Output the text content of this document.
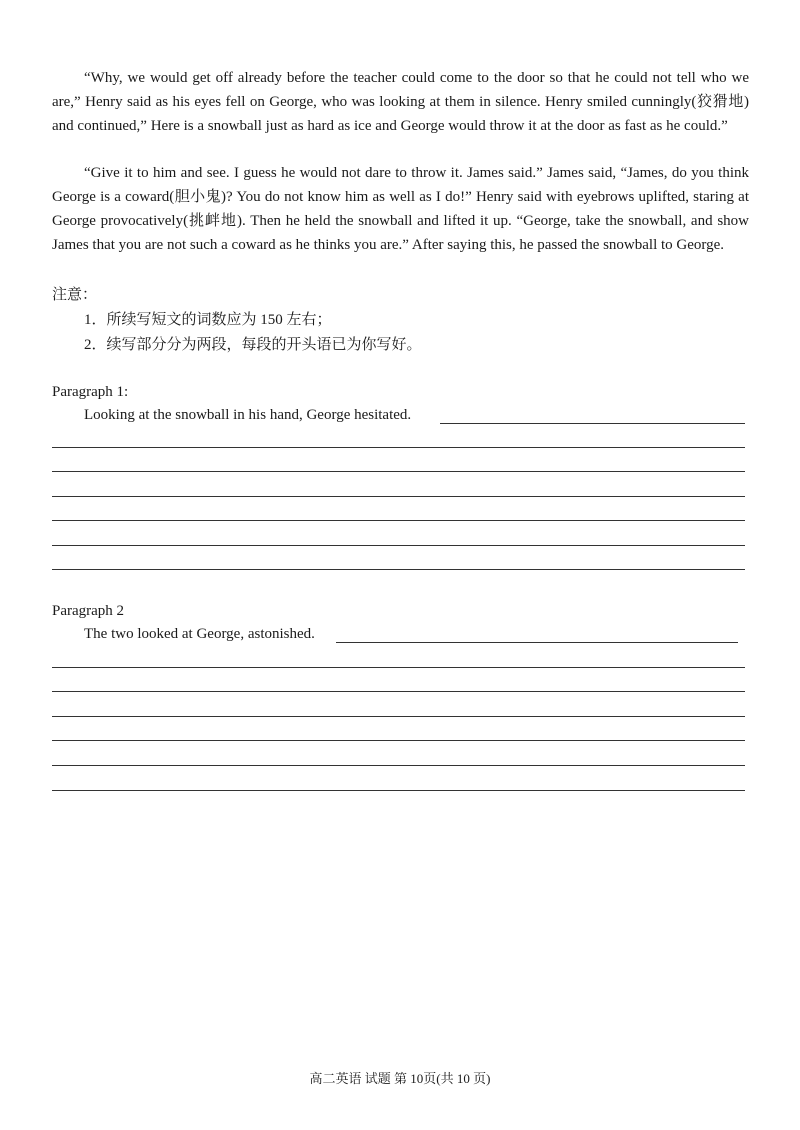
“Why, we would get off already before the teacher could come to the door so that he could not tell who we are,” Henry said as his eyes fell on George, who was looking at them in silence. Henry smiled cunningly(狡猾地) and continued,” Here is a snowball just as hard as ice and George would throw it at the door as fast as he could.”

“Give it to him and see. I guess he would not dare to throw it. James said.” James said, “James, do you think George is a coward(胆小鬼)? You do not know him as well as I do!” Henry said with eyebrows uplifted, staring at George provocatively(挑衅地). Then he held the snowball and lifted it up. “George, take the snowball, and show James that you are not such a coward as he thinks you are.” After saying this, he passed the snowball to George.

注意：
1．所续写短文的词数应为 150 左右；
2．续写部分分为两段，每段的开头语已为你写好。
Paragraph 1:
Looking at the snowball in his hand, George hesitated.
Paragraph 2
The two looked at George, astonished.
高二英语 试题 第 10页(共 10 页)
